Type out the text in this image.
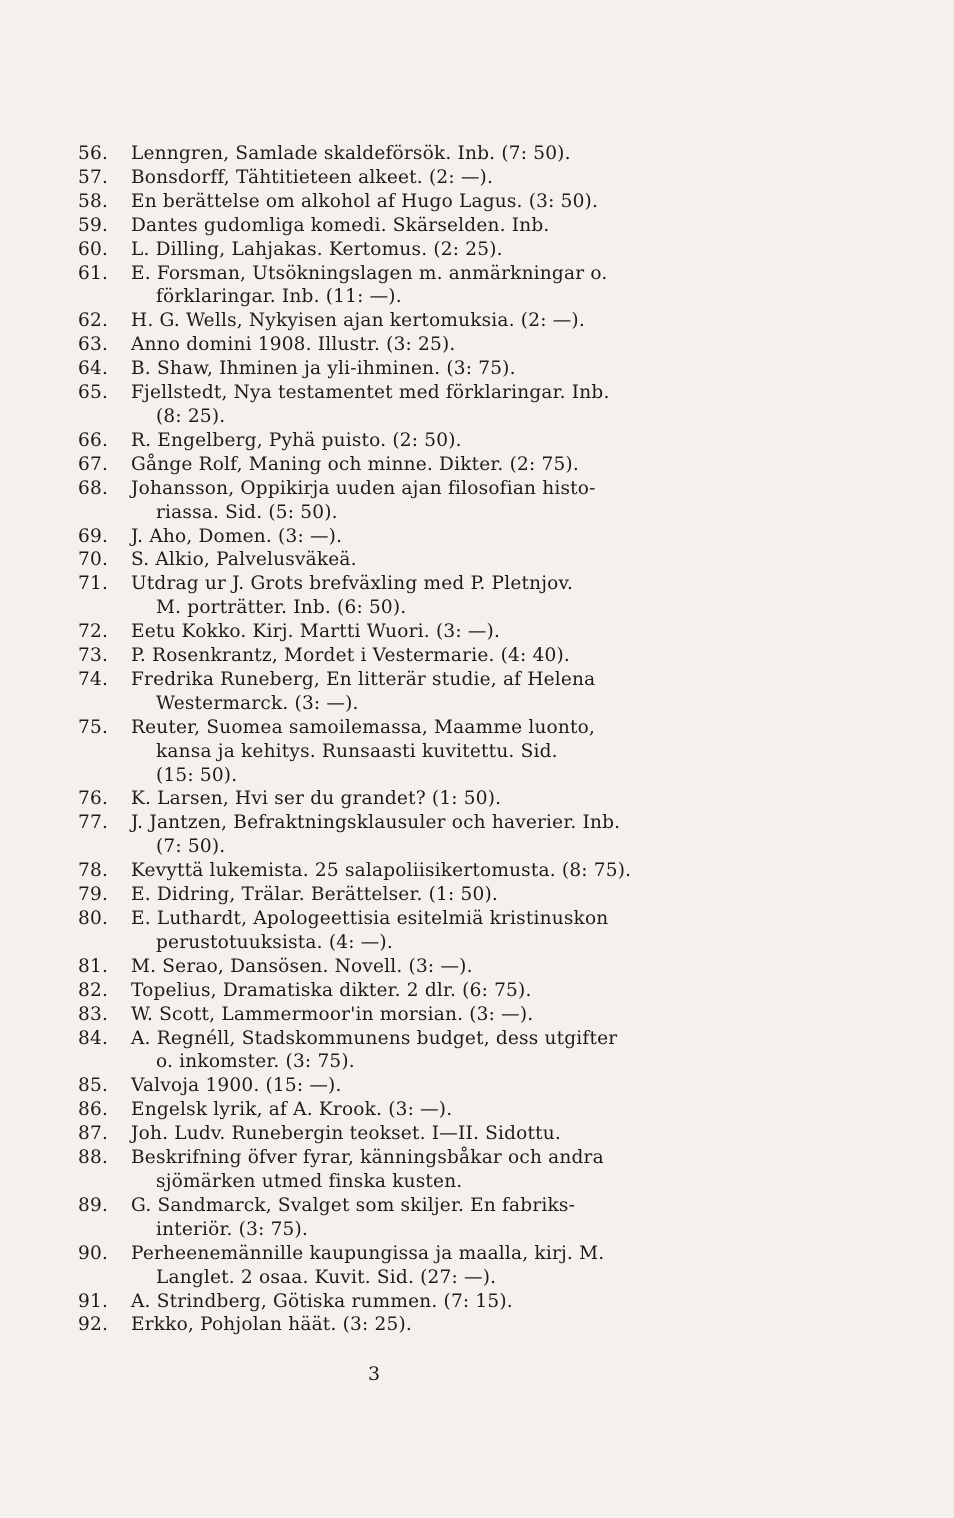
56.	Lenngren, Samlade skaldeförsök. Inb. (7: 50).
57.	Bonsdorff, Tähtitieteen alkeet. (2: —).
58.	En berättelse om alkohol af Hugo Lagus. (3: 50).
59.	Dantes gudomliga komedi. Skärselden. Inb.
60.	L. Dilling, Lahjakas. Kertomus. (2: 25).
61.	E. Forsman, Utsökningslagen m. anmärkningar o.
förklaringar. Inb. (11: —).
62.	H. G. Wells, Nykyisen ajan kertomuksia. (2: —).
63.	Anno domini 1908. Illustr. (3: 25).
64.	B. Shaw, Ihminen ja yli-ihminen. (3: 75).
65.	Fjellstedt, Nya testamentet med förklaringar. Inb.
(8: 25).
66.	R. Engelberg, Pyhä puisto. (2: 50).
67.	Gånge Rolf, Maning och minne. Dikter. (2: 75).
68.	Johansson, Oppikirja uuden ajan filosofian histo-
riassa. Sid. (5: 50).
69.	J. Aho, Domen. (3: —).
70.	S. Alkio, Palvelusväkeä.
71.	Utdrag ur J. Grots brefväxling med P. Pletnjov.
M. porträtter. Inb. (6: 50).
72.	Eetu Kokko. Kirj. Martti Wuori. (3: —).
73.	P. Rosenkrantz, Mordet i Vestermarie. (4: 40).
74.	Fredrika Runeberg, En litterär studie, af Helena
Westermarck. (3: —).
75.	Reuter, Suomea samoilemassa, Maamme luonto,
kansa ja kehitys. Runsaasti kuvitettu. Sid.
(15: 50).
76.	K. Larsen, Hvi ser du grandet? (1: 50).
77.	J. Jantzen, Befraktningsklausuler och haverier. Inb.
(7: 50).
78.	Kevyttä lukemista. 25 salapoliisikertomusta. (8: 75).
79.	E. Didring, Trälar. Berättelser. (1: 50).
80.	E. Luthardt, Apologeettisia esitelmiä kristinuskon
perustotuuksista. (4: —).
81.	M. Serao, Dansösen. Novell. (3: —).
82.	Topelius, Dramatiska dikter. 2 dlr. (6: 75).
83.	W. Scott, Lammermoor'in morsian. (3: —).
84.	A. Regnéll, Stadskommunens budget, dess utgifter
o. inkomster. (3: 75).
85.	Valvoja 1900. (15: —).
86.	Engelsk lyrik, af A. Krook. (3: —).
87.	Joh. Ludv. Runebergin teokset. I—II. Sidottu.
88.	Beskrifning öfver fyrar, känningsbåkar och andra
sjömärken utmed finska kusten.
89.	G. Sandmarck, Svalget som skiljer. En fabriks-
interiör. (3: 75).
90.	Perheenemännille kaupungissa ja maalla, kirj. M.
Langlet. 2 osaa. Kuvit. Sid. (27: —).
91.	A. Strindberg, Götiska rummen. (7: 15).
92.	Erkko, Pohjolan häät. (3: 25).
3
